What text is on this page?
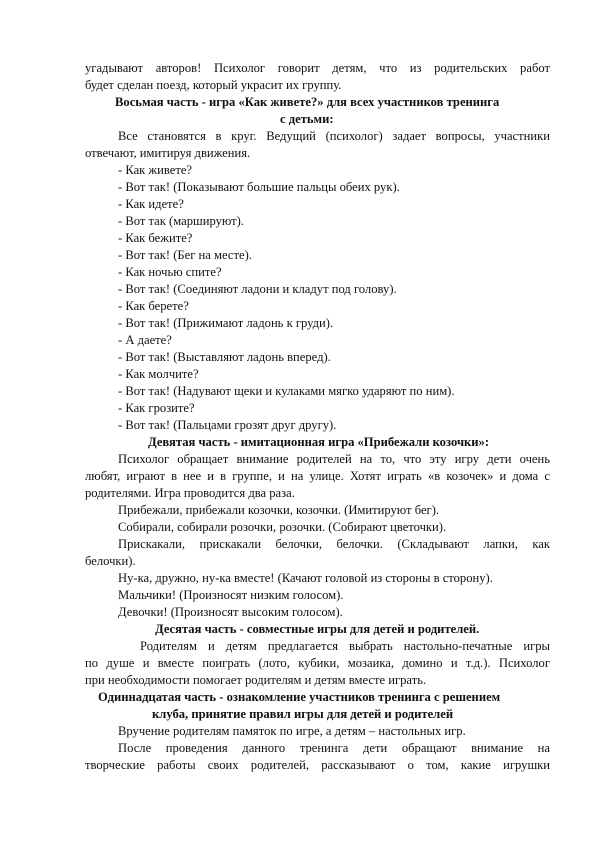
угадывают авторов! Психолог говорит детям, что из родительских работ
будет сделан поезд, который украсит их группу.
Восьмая часть - игра «Как живете?» для всех участников тренинга
с детьми:
Все становятся в круг. Ведущий (психолог) задает вопросы, участники
отвечают, имитируя движения.
- Как живете?
- Вот так! (Показывают большие пальцы обеих рук).
- Как идете?
- Вот так (маршируют).
- Как бежите?
- Вот так! (Бег на месте).
- Как ночью спите?
- Вот так! (Соединяют ладони и кладут под голову).
- Как берете?
- Вот так! (Прижимают ладонь к груди).
- А даете?
- Вот так! (Выставляют ладонь вперед).
- Как молчите?
- Вот так! (Надувают щеки и кулаками мягко ударяют по ним).
- Как грозите?
- Вот так! (Пальцами грозят друг другу).
Девятая часть - имитационная игра «Прибежали козочки»:
Психолог обращает внимание родителей на то, что эту игру дети очень
любят, играют в нее и в группе, и на улице. Хотят играть «в козочек» и дома с
родителями. Игра проводится два раза.
Прибежали, прибежали козочки, козочки. (Имитируют бег).
Собирали, собирали розочки, розочки. (Собирают цветочки).
Прискакали, прискакали белочки, белочки. (Складывают лапки, как
белочки).
Ну-ка, дружно, ну-ка вместе! (Качают головой из стороны в сторону).
Мальчики! (Произносят низким голосом).
Девочки! (Произносят высоким голосом).
Десятая часть - совместные игры для детей и родителей.
Родителям и детям предлагается выбрать настольно-печатные игры
по душе и вместе поиграть (лото, кубики, мозаика, домино и т.д.). Психолог
при необходимости помогает родителям и детям вместе играть.
Одиннадцатая часть - ознакомление участников тренинга с решением
клуба, принятие правил игры для детей и родителей
Вручение родителям памяток по игре, а детям – настольных игр.
После проведения данного тренинга дети обращают внимание на
творческие работы своих родителей, рассказывают о том, какие игрушки
